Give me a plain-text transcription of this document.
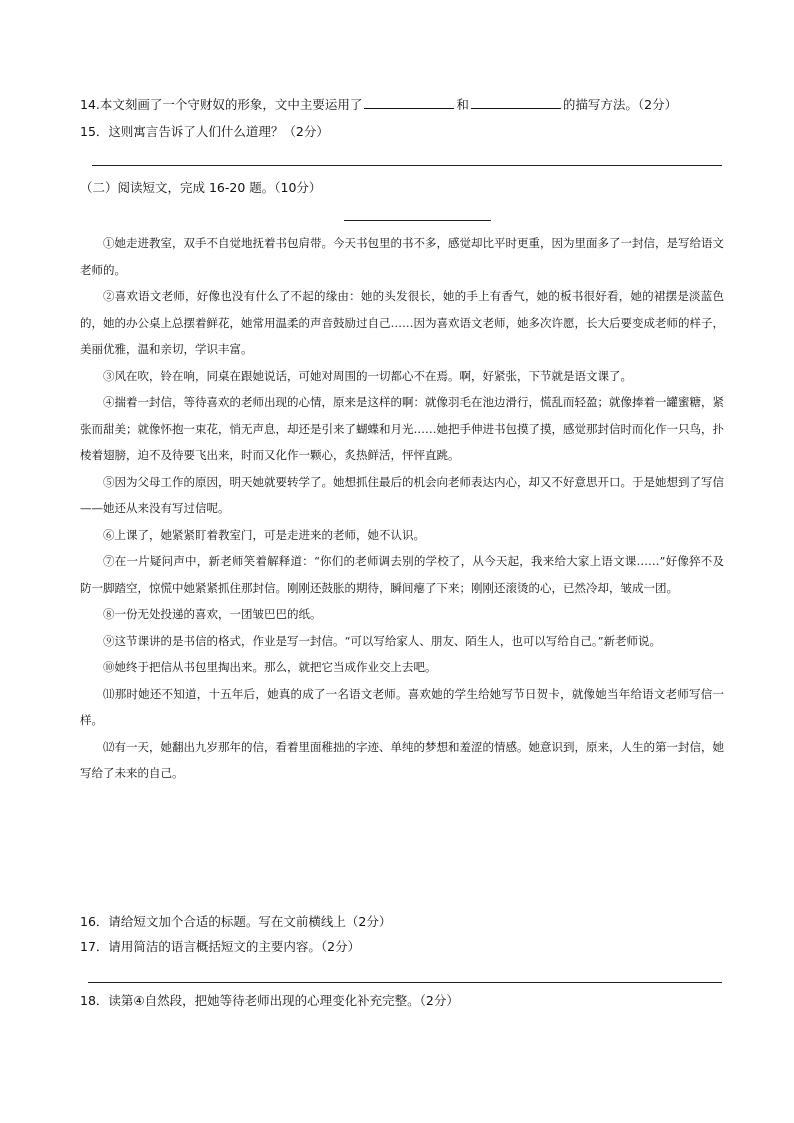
14.本文刻画了一个守财奴的形象，文中主要运用了	和	的描写方法。（2分）
15．这则寓言告诉了人们什么道理？（2分）
（二）阅读短文，完成 16-20 题。（10分）

①她走进教室，双手不自觉地抚着书包肩带。今天书包里的书不多，感觉却比平时更重，因为里面多了一封信，是写给语文老师的。

②喜欢语文老师，好像也没有什么了不起的缘由：她的头发很长，她的手上有香气，她的板书很好看，她的裙摆是淡蓝色的，她的办公桌上总摆着鲜花，她常用温柔的声音鼓励过自己……因为喜欢语文老师，她多次许愿，长大后要变成老师的样子，美丽优雅，温和亲切，学识丰富。

③风在吹，铃在响，同桌在跟她说话，可她对周围的一切都心不在焉。啊，好紧张，下节就是语文课了。

④揣着一封信，等待喜欢的老师出现的心情，原来是这样的啊：就像羽毛在池边滑行，慌乱而轻盈；就像捧着一罐蜜糖，紧张而甜美；就像怀抱一束花，悄无声息，却还是引来了蝴蝶和月光……她把手伸进书包摸了摸，感觉那封信时而化作一只鸟，扑棱着翅膀，迫不及待要飞出来，时而又化作一颗心，炙热鲜活，怦怦直跳。

⑤因为父母工作的原因，明天她就要转学了。她想抓住最后的机会向老师表达内心，却又不好意思开口。于是她想到了写信——她还从来没有写过信呢。

⑥上课了，她紧紧盯着教室门，可是走进来的老师，她不认识。

⑦在一片疑问声中，新老师笑着解释道：“你们的老师调去别的学校了，从今天起，我来给大家上语文课……”好像猝不及防一脚踏空，惊慌中她紧紧抓住那封信。刚刚还鼓胀的期待，瞬间瘪了下来；刚刚还滚烫的心，已然冷却，皱成一团。

⑧一份无处投递的喜欢，一团皱巴巴的纸。

⑨这节课讲的是书信的格式，作业是写一封信。“可以写给家人、朋友、陌生人，也可以写给自己。”新老师说。

⑩她终于把信从书包里掏出来。那么，就把它当成作业交上去吧。

⑾那时她还不知道，十五年后，她真的成了一名语文老师。喜欢她的学生给她写节日贺卡，就像她当年给语文老师写信一样。

⑿有一天，她翻出九岁那年的信，看着里面稚拙的字迹、单纯的梦想和羞涩的情感。她意识到，原来，人生的第一封信，她写给了未来的自己。

16．请给短文加个合适的标题。写在文前横线上（2分）
17．请用简洁的语言概括短文的主要内容。（2分）
18．读第④自然段，把她等待老师出现的心理变化补充完整。（2分）
